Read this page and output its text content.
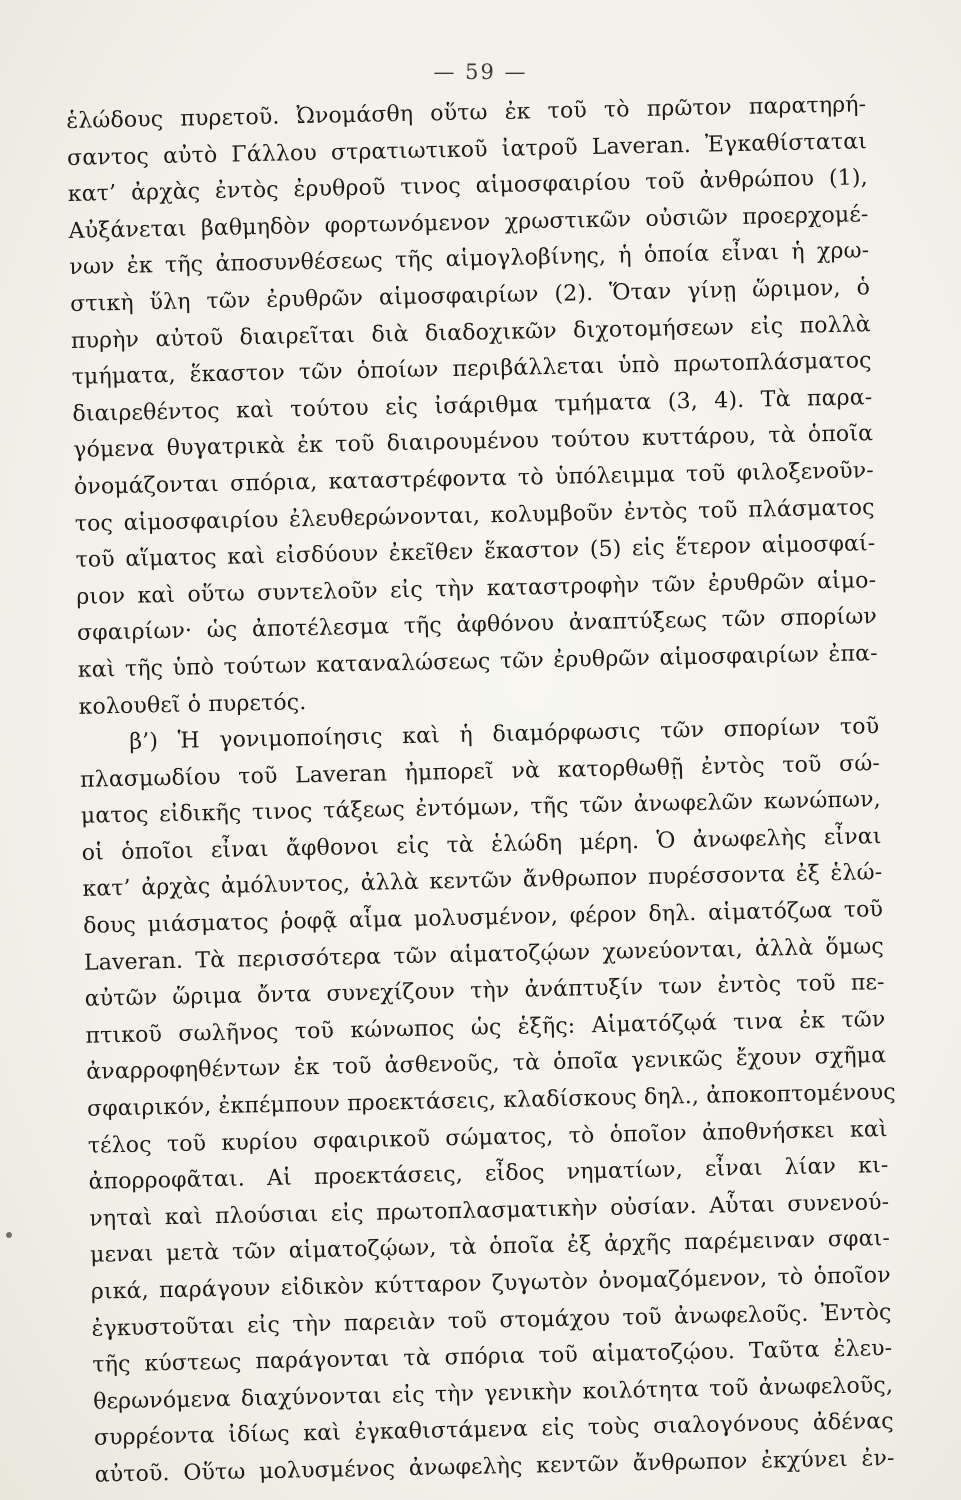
— 59 —
ἑλώδους πυρετοῦ. Ὠνομάσθη οὕτω ἐκ τοῦ τὸ πρῶτον παρατηρή-
σαντος αὐτὸ Γάλλου στρατιωτικοῦ ἰατροῦ Laveran. Ἐγκαθίσταται
κατ’ ἀρχὰς ἐντὸς ἐρυθροῦ τινος αἱμοσφαιρίου τοῦ ἀνθρώπου (1),
Αὐξάνεται βαθμηδὸν φορτωνόμενον χρωστικῶν οὐσιῶν προερχομέ-
νων ἐκ τῆς ἀποσυνθέσεως τῆς αἱμογλοβίνης, ἡ ὁποία εἶναι ἡ χρω-
στικὴ ὕλη τῶν ἐρυθρῶν αἱμοσφαιρίων (2). Ὅταν γίνῃ ὥριμον, ὁ
πυρὴν αὐτοῦ διαιρεῖται διὰ διαδοχικῶν διχοτομήσεων εἰς πολλὰ
τμήματα, ἕκαστον τῶν ὁποίων περιβάλλεται ὑπὸ πρωτοπλάσματος
διαιρεθέντος καὶ τούτου εἰς ἰσάριθμα τμήματα (3, 4). Τὰ παρα-
γόμενα θυγατρικὰ ἐκ τοῦ διαιρουμένου τούτου κυττάρου, τὰ ὁποῖα
ὀνομάζονται σπόρια, καταστρέφοντα τὸ ὑπόλειμμα τοῦ φιλοξενοῦν-
τος αἱμοσφαιρίου ἐλευθερώνονται, κολυμβοῦν ἐντὸς τοῦ πλάσματος
τοῦ αἵματος καὶ εἰσδύουν ἐκεῖθεν ἕκαστον (5) εἰς ἕτερον αἱμοσφαί-
ριον καὶ οὕτω συντελοῦν εἰς τὴν καταστροφὴν τῶν ἐρυθρῶν αἱμο-
σφαιρίων· ὡς ἀποτέλεσμα τῆς ἀφθόνου ἀναπτύξεως τῶν σπορίων
καὶ τῆς ὑπὸ τούτων καταναλώσεως τῶν ἐρυθρῶν αἱμοσφαιρίων ἐπα-
κολουθεῖ ὁ πυρετός.
β’) Ἡ γονιμοποίησις καὶ ἡ διαμόρφωσις τῶν σπορίων τοῦ
πλασμωδίου τοῦ Laveran ἠμπορεῖ νὰ κατορθωθῇ ἐντὸς τοῦ σώ-
ματος εἰδικῆς τινος τάξεως ἐντόμων, τῆς τῶν ἀνωφελῶν κωνώπων,
οἱ ὁποῖοι εἶναι ἄφθονοι εἰς τὰ ἑλώδη μέρη. Ὁ ἀνωφελὴς εἶναι
κατ’ ἀρχὰς ἀμόλυντος, ἀλλὰ κεντῶν ἄνθρωπον πυρέσσοντα ἐξ ἑλώ-
δους μιάσματος ῥοφᾷ αἷμα μολυσμένον, φέρον δηλ. αἱματόζωα τοῦ
Laveran. Τὰ περισσότερα τῶν αἱματοζῴων χωνεύονται, ἀλλὰ ὅμως
αὐτῶν ὥριμα ὄντα συνεχίζουν τὴν ἀνάπτυξίν των ἐντὸς τοῦ πε-
πτικοῦ σωλῆνος τοῦ κώνωπος ὡς ἑξῆς: Αἱματόζῳά τινα ἐκ τῶν
ἀναρροφηθέντων ἐκ τοῦ ἀσθενοῦς, τὰ ὁποῖα γενικῶς ἔχουν σχῆμα
σφαιρικόν, ἐκπέμπουν προεκτάσεις, κλαδίσκους δηλ., ἀποκοπτομένους
τέλος τοῦ κυρίου σφαιρικοῦ σώματος, τὸ ὁποῖον ἀποθνήσκει καὶ
ἀπορροφᾶται. Αἱ προεκτάσεις, εἶδος νηματίων, εἶναι λίαν κι-
νηταὶ καὶ πλούσιαι εἰς πρωτοπλασματικὴν οὐσίαν. Αὗται συνενού-
μεναι μετὰ τῶν αἱματοζῴων, τὰ ὁποῖα ἐξ ἀρχῆς παρέμειναν σφαι-
ρικά, παράγουν εἰδικὸν κύτταρον ζυγωτὸν ὀνομαζόμενον, τὸ ὁποῖον
ἐγκυστοῦται εἰς τὴν παρειὰν τοῦ στομάχου τοῦ ἀνωφελοῦς. Ἐντὸς
τῆς κύστεως παράγονται τὰ σπόρια τοῦ αἱματοζῴου. Ταῦτα ἐλευ-
θερωνόμενα διαχύνονται εἰς τὴν γενικὴν κοιλότητα τοῦ ἀνωφελοῦς,
συρρέοντα ἰδίως καὶ ἐγκαθιστάμενα εἰς τοὺς σιαλογόνους ἀδένας
αὐτοῦ. Οὕτω μολυσμένος ἀνωφελὴς κεντῶν ἄνθρωπον ἐκχύνει ἐν-
